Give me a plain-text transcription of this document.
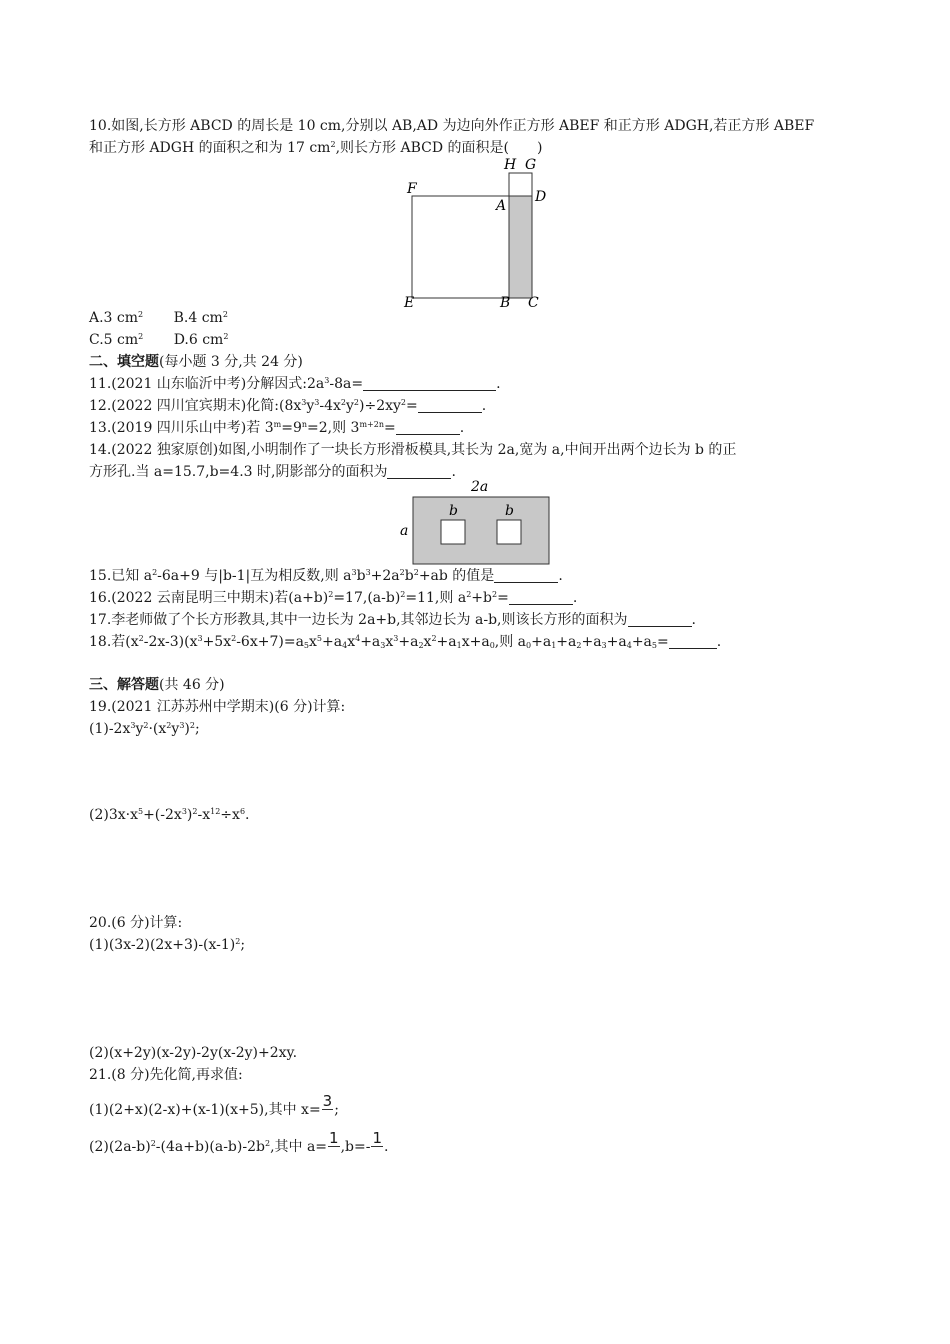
10.如图,长方形 ABCD 的周长是 10 cm,分别以 AB,AD 为边向外作正方形 ABEF 和正方形 ADGH,若正方形 ABEF
和正方形 ADGH 的面积之和为 17 $cm^2$,则长方形 ABCD 的面积是(　　)
H G
F
A
D
E	B C
A.3 $cm^2$ B.4 $cm^2$
C.5 $cm^2$ D.6 $cm^2$
二、填空题(每小题 3 分,共 24 分)
11.(2021 山东临沂中考)分解因式$:2a^3-8a=$	.
12.(2022 四川宜宾期末)化简$:(8x^3y^3-4x^2y^2)\div 2xy^2=$	.
13.(2019 四川乐山中考)若 $3^m=9^n=2$,则 $3^{m+2n}=$	.
14.(2022 独家原创)如图,小明制作了一块长方形滑板模具,其长为 2a,宽为 a,中间开出两个边长为 b 的正
方形孔.当 a=15.7,b=4.3 时,阴影部分的面积为	.
2a
a
b	b
15.已知 $a^2-6a+9$ 与|b-1|互为相反数,则 $a^3b^3+2a^2b^2+ab$ 的值是	.
16.(2022 云南昆明三中期末)若$(a+b)^2=17,(a-b)^2=11$,则 $a^2+b^2=$	.
17.李老师做了个长方形教具,其中一边长为 2a+b,其邻边长为 a-b,则该长方形的面积为	.
18.若$(x^2-2x-3)(x^3+5x^2-6x+7)=a_5x^5+a_4x^4+a_3x^3+a_2x^2+a_1x+a_0$,则 $a_0+a_1+a_2+a_3+a_4+a_5=$	.
三、解答题(共 46 分)
19.(2021 江苏苏州中学期末)(6 分)计算:
$(1)-2x^3y^2\cdot(x^2y^3)^2$;
$(2)3x\cdot x^5+(-2x^3)^2-x^{12}\div x^6$.
20.(6 分)计算:
$(1)(3x-2)(2x+3)-(x-1)^2$;
(2)(x+2y)(x-2y)-2y(x-2y)+2xy.
21.(8 分)先化简,再求值:
(1)(2+x)(2-x)+(x-1)(x+5),其中 x= 3 ;
$(2)(2a-b)^2-(4a+b)(a-b)-2b^2$,其中 a= 1 ,b=- 1 .
